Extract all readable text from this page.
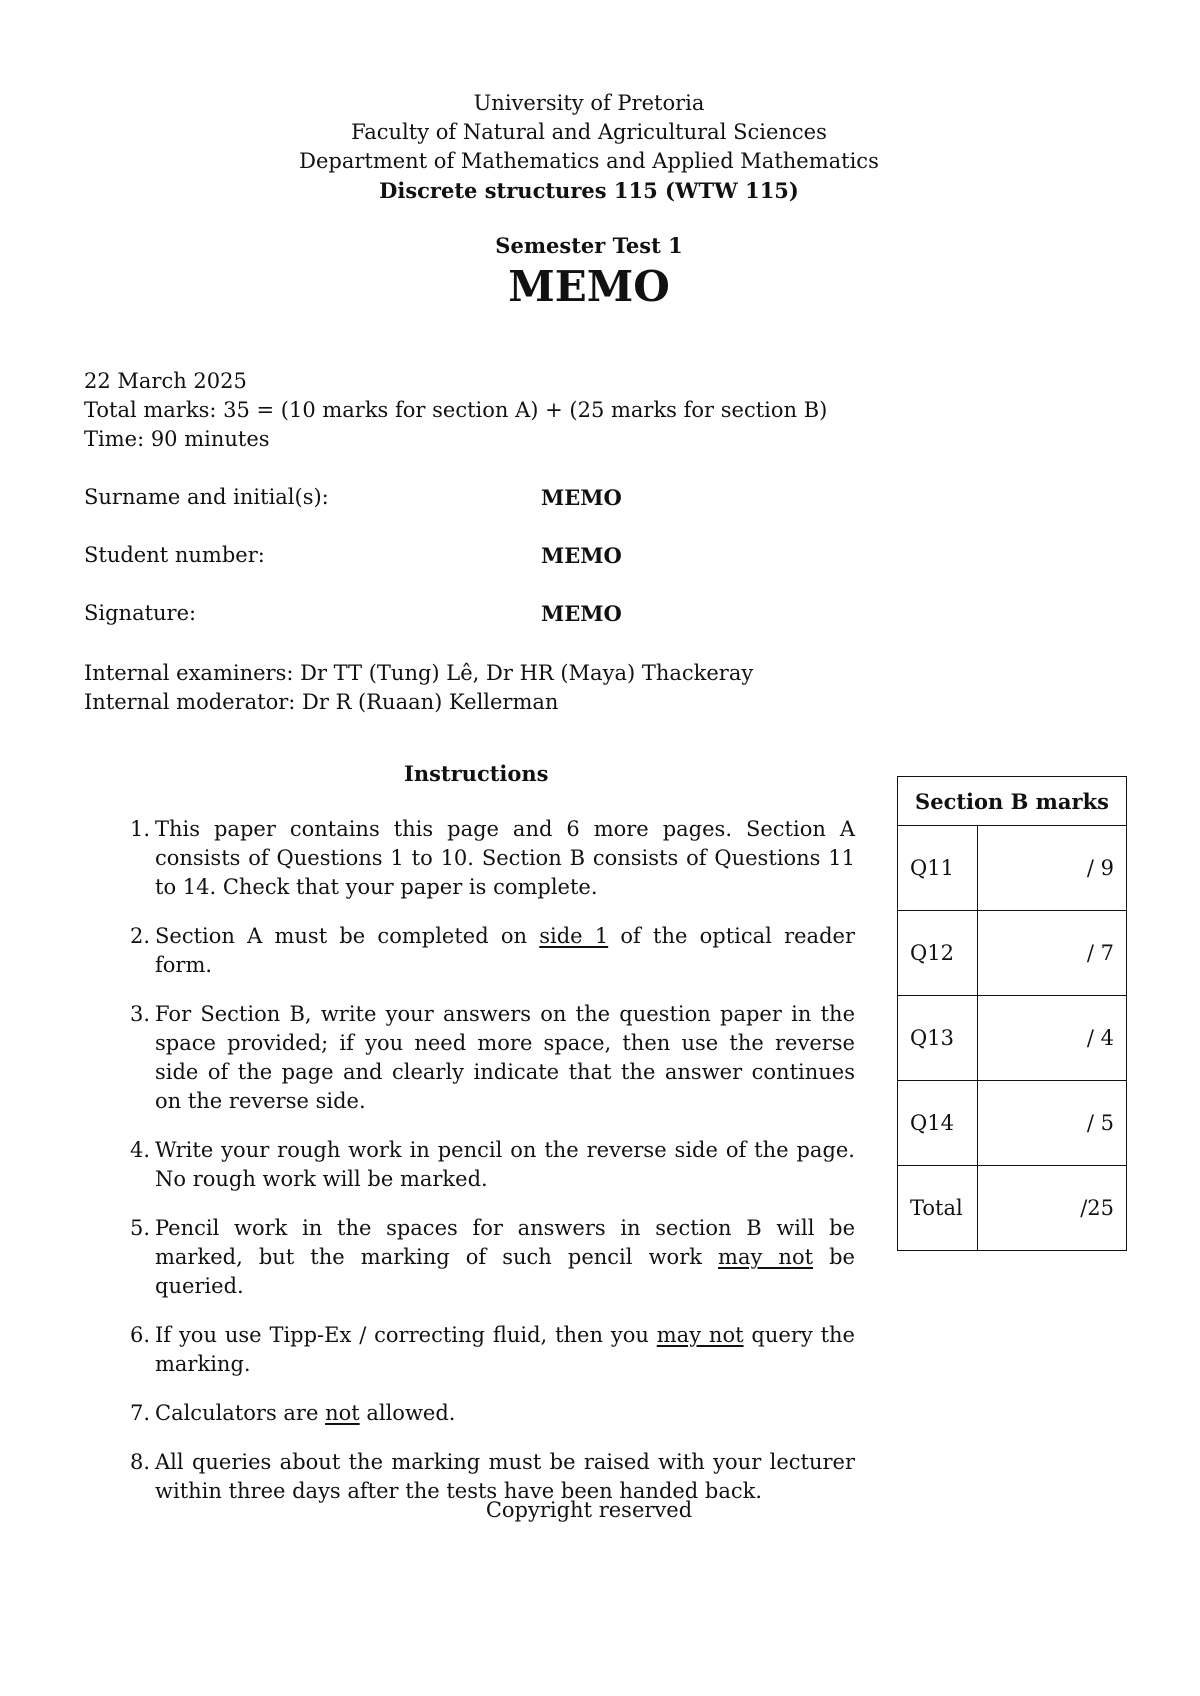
University of Pretoria
Faculty of Natural and Agricultural Sciences
Department of Mathematics and Applied Mathematics
Discrete structures 115 (WTW 115)
Semester Test 1
MEMO
22 March 2025
Total marks: 35 = (10 marks for section A) + (25 marks for section B)
Time: 90 minutes
Surname and initial(s):	MEMO
Student number:	MEMO
Signature:	MEMO
Internal examiners: Dr TT (Tung) Lê, Dr HR (Maya) Thackeray
Internal moderator: Dr R (Ruaan) Kellerman
Instructions
1. This paper contains this page and 6 more pages. Section A consists of Questions 1 to 10. Section B consists of Questions 11 to 14. Check that your paper is complete.
2. Section A must be completed on side 1 of the optical reader form.
3. For Section B, write your answers on the question paper in the space provided; if you need more space, then use the reverse side of the page and clearly indicate that the answer continues on the reverse side.
4. Write your rough work in pencil on the reverse side of the page. No rough work will be marked.
5. Pencil work in the spaces for answers in section B will be marked, but the marking of such pencil work may not be queried.
6. If you use Tipp-Ex / correcting fluid, then you may not query the marking.
7. Calculators are not allowed.
8. All queries about the marking must be raised with your lecturer within three days after the tests have been handed back.
Section B marks	
Q11	/ 9
Q12	/ 7
Q13	/ 4
Q14	/ 5
Total	/25
Copyright reserved
